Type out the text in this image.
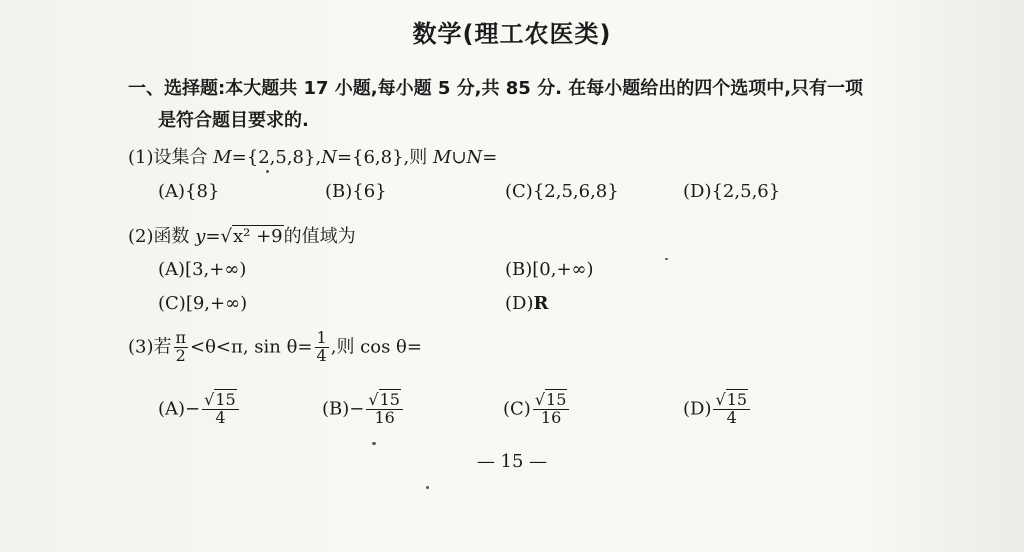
数学(理工农医类)
一、选择题:本大题共 17 小题,每小题 5 分,共 85 分. 在每小题给出的四个选项中,只有一项
是符合题目要求的.
(1)设集合 M={2,5,8},N={6,8},则 M∪N=
(A){8}	(B){6}	(C){2,5,6,8}	(D){2,5,6}
(2)函数 y=√x² +9的值域为
(A)[3,+∞)	(B)[0,+∞)
(C)[9,+∞)	(D)R
(3)若 $\frac{\pi}{2} <\theta<\pi$, $\sin \theta= \frac{1}{4}$ ,则 cos θ=
$(A)- \frac{√15}{4}$	$(B)- \frac{√15}{16}$	$(C) \frac{√15}{16}$	$(D) \frac{√15}{4}$
— 15 —
